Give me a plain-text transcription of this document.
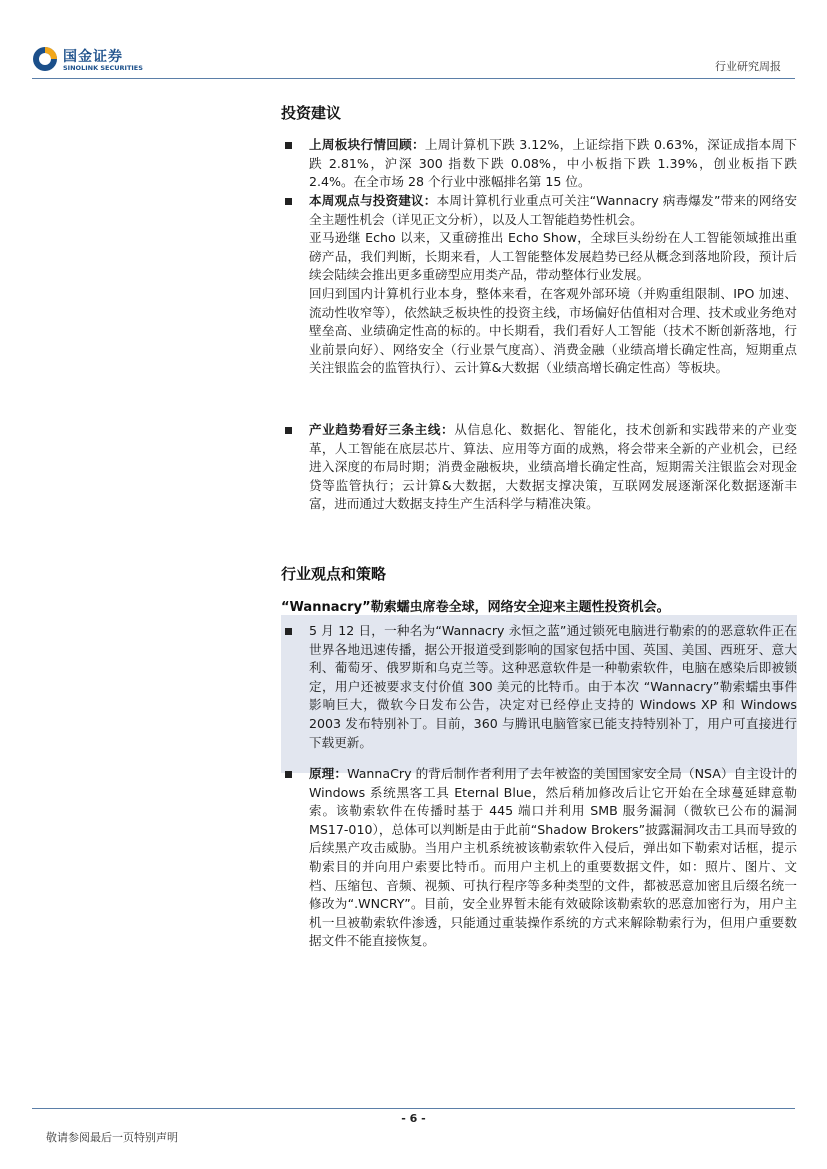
国金证券
SINOLINK SECURITIES	行业研究周报
投资建议
上周板块行情回顾：上周计算机下跌 3.12%，上证综指下跌 0.63%，深证成指本周下跌 2.81%，沪深 300 指数下跌 0.08%，中小板指下跌 1.39%，创业板指下跌 2.4%。在全市场 28 个行业中涨幅排名第 15 位。
本周观点与投资建议：本周计算机行业重点可关注“Wannacry 病毒爆发”带来的网络安全主题性机会（详见正文分析），以及人工智能趋势性机会。
亚马逊继 Echo 以来，又重磅推出 Echo Show，全球巨头纷纷在人工智能领域推出重磅产品，我们判断，长期来看，人工智能整体发展趋势已经从概念到落地阶段，预计后续会陆续会推出更多重磅型应用类产品，带动整体行业发展。
回归到国内计算机行业本身，整体来看，在客观外部环境（并购重组限制、IPO 加速、流动性收窄等），依然缺乏板块性的投资主线，市场偏好估值相对合理、技术或业务绝对壁垒高、业绩确定性高的标的。中长期看，我们看好人工智能（技术不断创新落地，行业前景向好）、网络安全（行业景气度高）、消费金融（业绩高增长确定性高，短期重点关注银监会的监管执行）、云计算&大数据（业绩高增长确定性高）等板块。
产业趋势看好三条主线：从信息化、数据化、智能化，技术创新和实践带来的产业变革，人工智能在底层芯片、算法、应用等方面的成熟，将会带来全新的产业机会，已经进入深度的布局时期；消费金融板块，业绩高增长确定性高，短期需关注银监会对现金贷等监管执行；云计算&大数据，大数据支撑决策，互联网发展逐渐深化数据逐渐丰富，进而通过大数据支持生产生活科学与精准决策。
行业观点和策略
“Wannacry”勒索蠕虫席卷全球，网络安全迎来主题性投资机会。
5 月 12 日，一种名为“Wannacry 永恒之蓝”通过锁死电脑进行勒索的的恶意软件正在世界各地迅速传播，据公开报道受到影响的国家包括中国、英国、美国、西班牙、意大利、葡萄牙、俄罗斯和乌克兰等。这种恶意软件是一种勒索软件，电脑在感染后即被锁定，用户还被要求支付价值 300 美元的比特币。由于本次 “Wannacry”勒索蠕虫事件影响巨大，微软今日发布公告，决定对已经停止支持的 Windows XP 和 Windows 2003 发布特别补丁。目前，360 与腾讯电脑管家已能支持特别补丁，用户可直接进行下载更新。
原理：WannaCry 的背后制作者利用了去年被盗的美国国家安全局（NSA）自主设计的 Windows 系统黑客工具 Eternal Blue，然后稍加修改后让它开始在全球蔓延肆意勒索。该勒索软件在传播时基于 445 端口并利用 SMB 服务漏洞（微软已公布的漏洞 MS17-010），总体可以判断是由于此前“Shadow Brokers”披露漏洞攻击工具而导致的后续黑产攻击威胁。当用户主机系统被该勒索软件入侵后，弹出如下勒索对话框，提示勒索目的并向用户索要比特币。而用户主机上的重要数据文件，如：照片、图片、文档、压缩包、音频、视频、可执行程序等多种类型的文件，都被恶意加密且后缀名统一修改为“.WNCRY”。目前，安全业界暂未能有效破除该勒索软的恶意加密行为，用户主机一旦被勒索软件渗透，只能通过重装操作系统的方式来解除勒索行为，但用户重要数据文件不能直接恢复。
- 6 -
敬请参阅最后一页特别声明
